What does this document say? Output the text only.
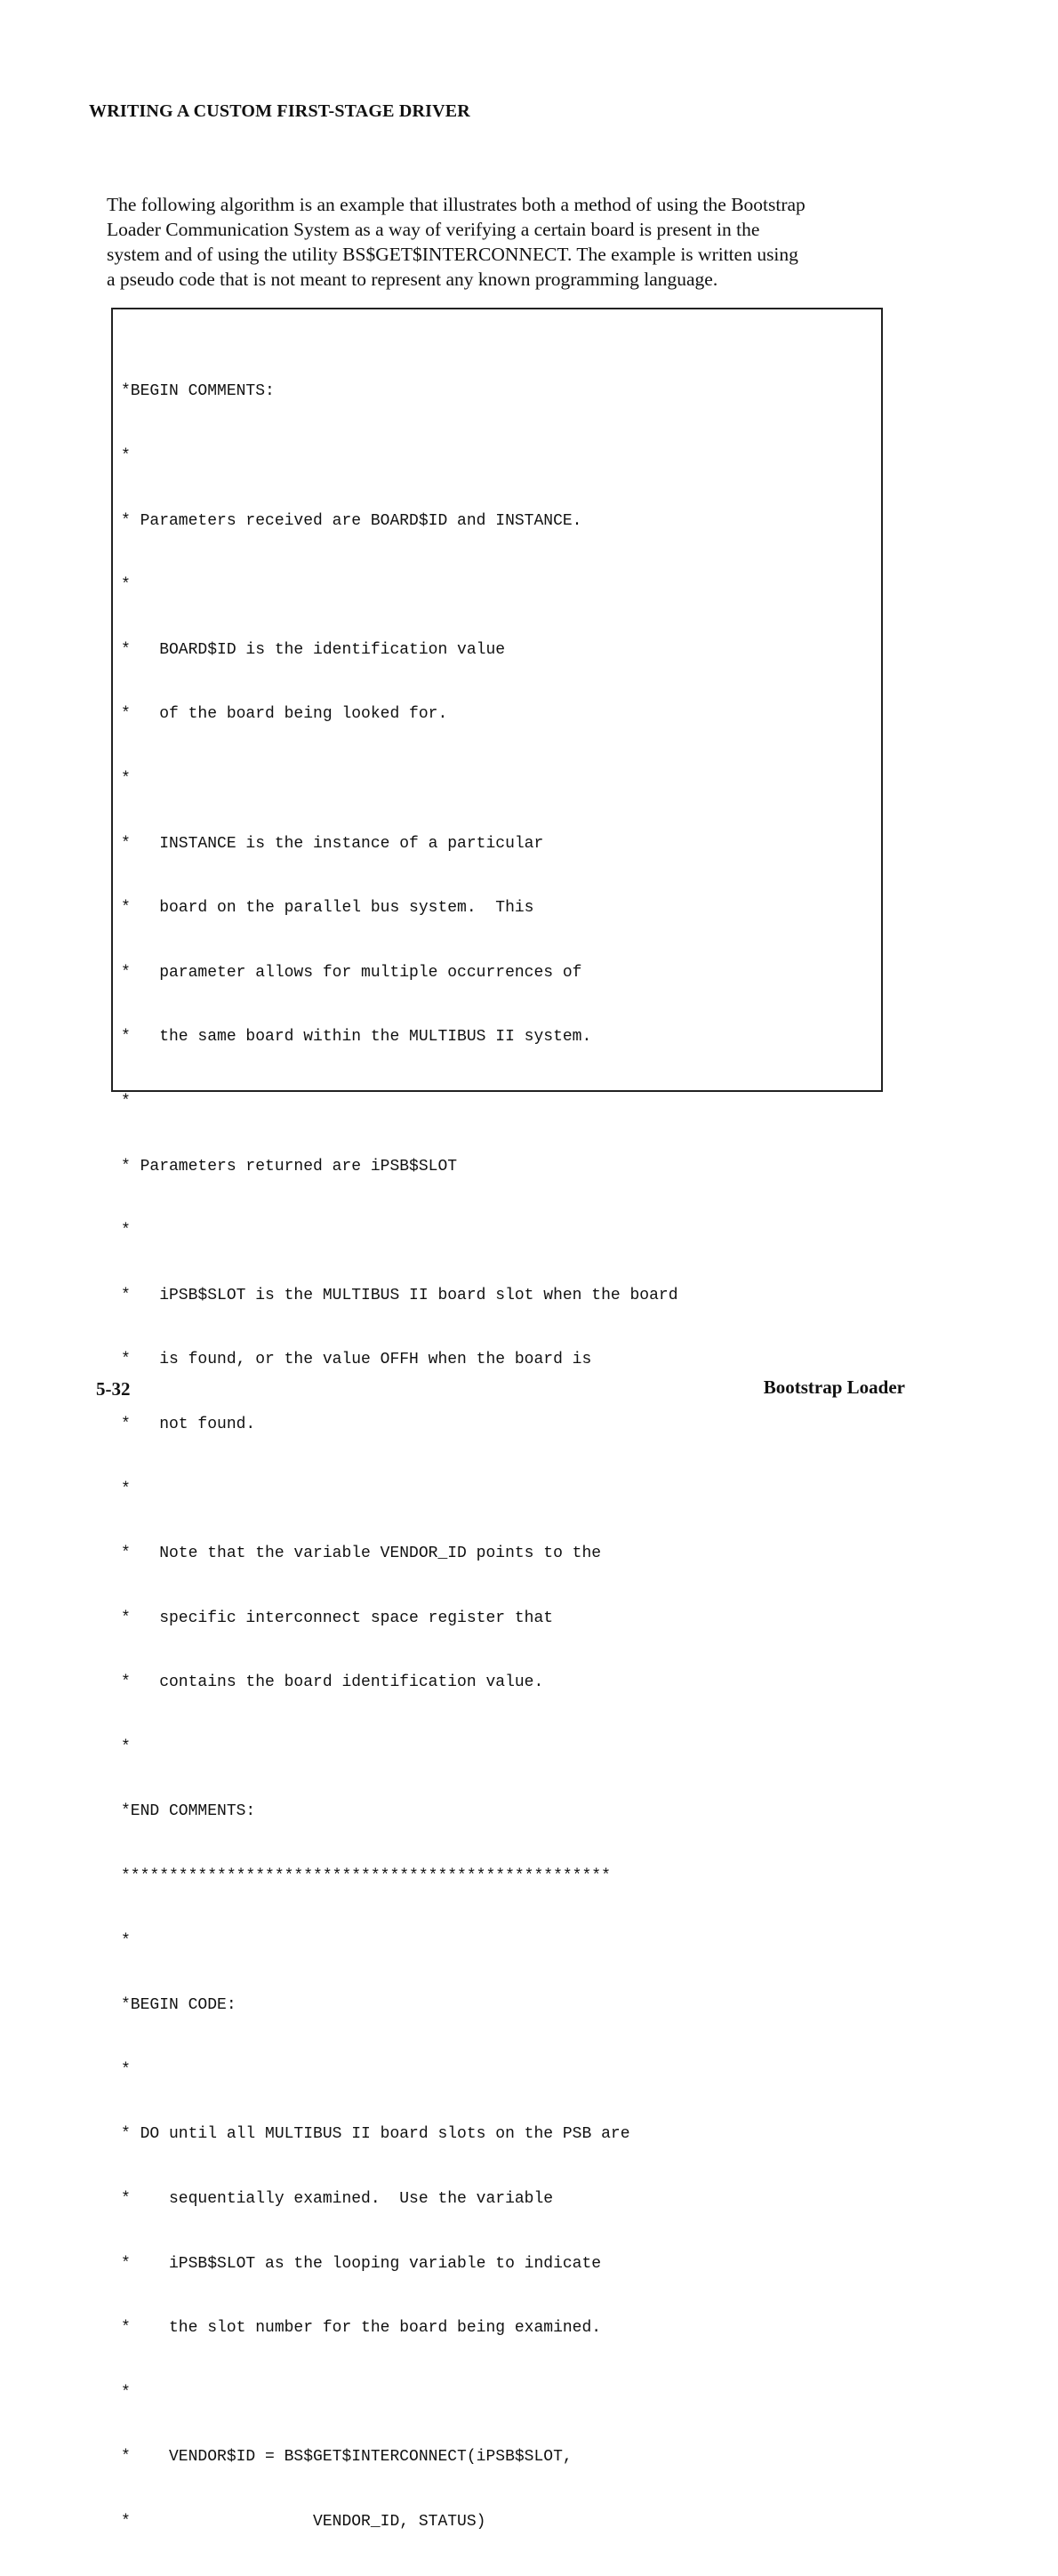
WRITING A CUSTOM FIRST-STAGE DRIVER
The following algorithm is an example that illustrates both a method of using the Bootstrap
Loader Communication System as a way of verifying a certain board is present in the
system and of using the utility BS$GET$INTERCONNECT. The example is written using
a pseudo code that is not meant to represent any known programming language.

*BEGIN COMMENTS:

*

* Parameters received are BOARD$ID and INSTANCE.

*

*   BOARD$ID is the identification value

*   of the board being looked for.

*

*   INSTANCE is the instance of a particular

*   board on the parallel bus system.  This

*   parameter allows for multiple occurrences of

*   the same board within the MULTIBUS II system.

*

* Parameters returned are iPSB$SLOT

*

*   iPSB$SLOT is the MULTIBUS II board slot when the board

*   is found, or the value OFFH when the board is

*   not found.

*

*   Note that the variable VENDOR_ID points to the

*   specific interconnect space register that

*   contains the board identification value.

*

*END COMMENTS:

***************************************************

*

*BEGIN CODE:

*

* DO until all MULTIBUS II board slots on the PSB are

*    sequentially examined.  Use the variable

*    iPSB$SLOT as the looping variable to indicate

*    the slot number for the board being examined.

*

*    VENDOR$ID = BS$GET$INTERCONNECT(iPSB$SLOT,

*                   VENDOR_ID, STATUS)

5-32	Bootstrap Loader
